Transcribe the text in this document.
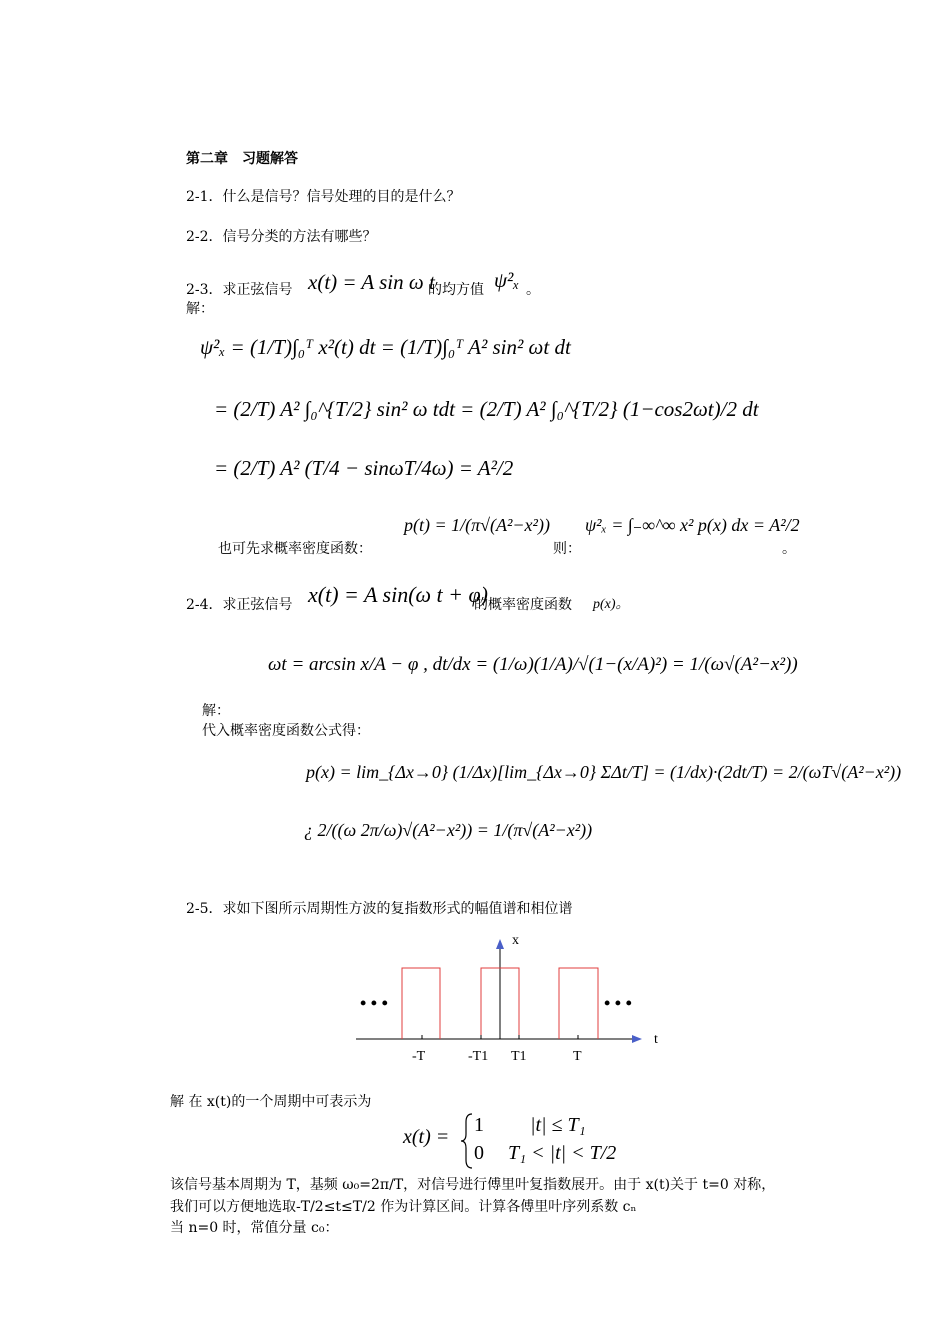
第二章　习题解答
2-1．什么是信号？信号处理的目的是什么？
2-2．信号分类的方法有哪些？
2-3．求正弦信号 x(t) = A sin ω t
的均方值 ψ²ₓ 。
解：
ψ²ₓ = (1/T)∫₀ᵀ x²(t) dt = (1/T)∫₀ᵀ A² sin² ωt dt
= (2/T) A² ∫₀^{T/2} sin² ω tdt = (2/T) A² ∫₀^{T/2} (1−cos2ωt)/2 dt
= (2/T) A² (T/4 − sinωT/4ω) = A²/2
也可先求概率密度函数：
p(t) = 1/(π√(A²−x²))
则：
ψ²ₓ = ∫₋∞^∞ x² p(x) dx = A²/2
。
2-4．求正弦信号 x(t) = A sin(ω t + φ)
的概率密度函数 p(x)。
ωt = arcsin x/A − φ , dt/dx = (1/ω)(1/A)/√(1−(x/A)²) = 1/(ω√(A²−x²))
解：
代入概率密度函数公式得：
p(x) = lim_{Δx→0} (1/Δx)[lim_{Δx→0} ΣΔt/T] = (1/dx)·(2dt/T) = 2/(ωT√(A²−x²))
¿ 2/((ω 2π/ω)√(A²−x²)) = 1/(π√(A²−x²))
2-5．求如下图所示周期性方波的复指数形式的幅值谱和相位谱
x
t
• • •	• • •
-T	-T1 T1	T
解 在 x(t)的一个周期中可表示为
x(t) =
1 |t| ≤ T₁
0 T₁ < |t| < T/2
该信号基本周期为 T，基频 ω₀=2π/T，对信号进行傅里叶复指数展开。由于 x(t)关于 t=0 对称，
我们可以方便地选取-T/2≤t≤T/2 作为计算区间。计算各傅里叶序列系数 cₙ
当 n=0 时，常值分量 c₀：
